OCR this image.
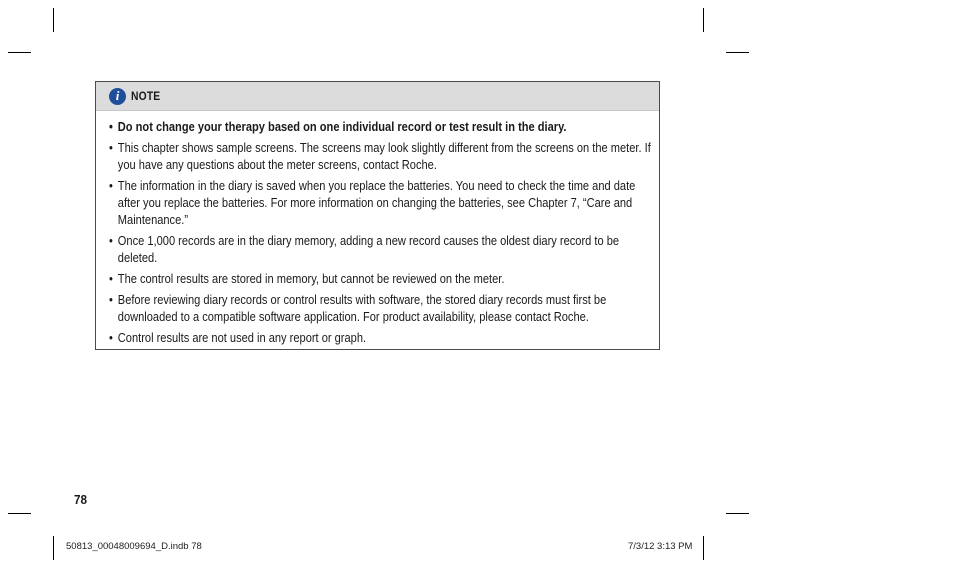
i NOTE
• Do not change your therapy based on one individual record or test result in the diary.
• This chapter shows sample screens. The screens may look slightly different from the screens on the meter. If you have any questions about the meter screens, contact Roche.
• The information in the diary is saved when you replace the batteries. You need to check the time and date after you replace the batteries. For more information on changing the batteries, see Chapter 7, “Care and Maintenance.”
• Once 1,000 records are in the diary memory, adding a new record causes the oldest diary record to be deleted.
• The control results are stored in memory, but cannot be reviewed on the meter.
• Before reviewing diary records or control results with software, the stored diary records must first be downloaded to a compatible software application. For product availability, please contact Roche.
• Control results are not used in any report or graph.
78
50813_00048009694_D.indb 78	7/3/12 3:13 PM
